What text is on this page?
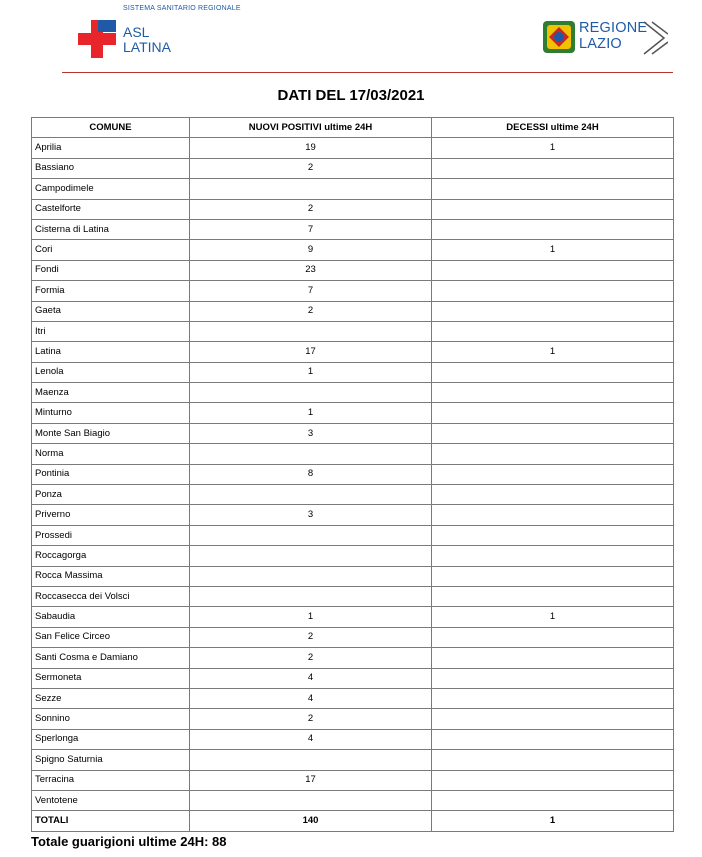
SISTEMA SANITARIO REGIONALE
ASL
LATINA
REGIONE
LAZIO
DATI DEL 17/03/2021
COMUNE	NUOVI POSITIVI ultime 24H	DECESSI ultime 24H
Aprilia	19	1
Bassiano	2	
Campodimele		
Castelforte	2	
Cisterna di Latina	7	
Cori	9	1
Fondi	23	
Formia	7	
Gaeta	2	
Itri		
Latina	17	1
Lenola	1	
Maenza		
Minturno	1	
Monte San Biagio	3	
Norma		
Pontinia	8	
Ponza		
Priverno	3	
Prossedi		
Roccagorga		
Rocca Massima		
Roccasecca dei Volsci		
Sabaudia	1	1
San Felice Circeo	2	
Santi Cosma e Damiano	2	
Sermoneta	4	
Sezze	4	
Sonnino	2	
Sperlonga	4	
Spigno Saturnia		
Terracina	17	
Ventotene		
TOTALI	140	1
Totale guarigioni ultime 24H: 88
